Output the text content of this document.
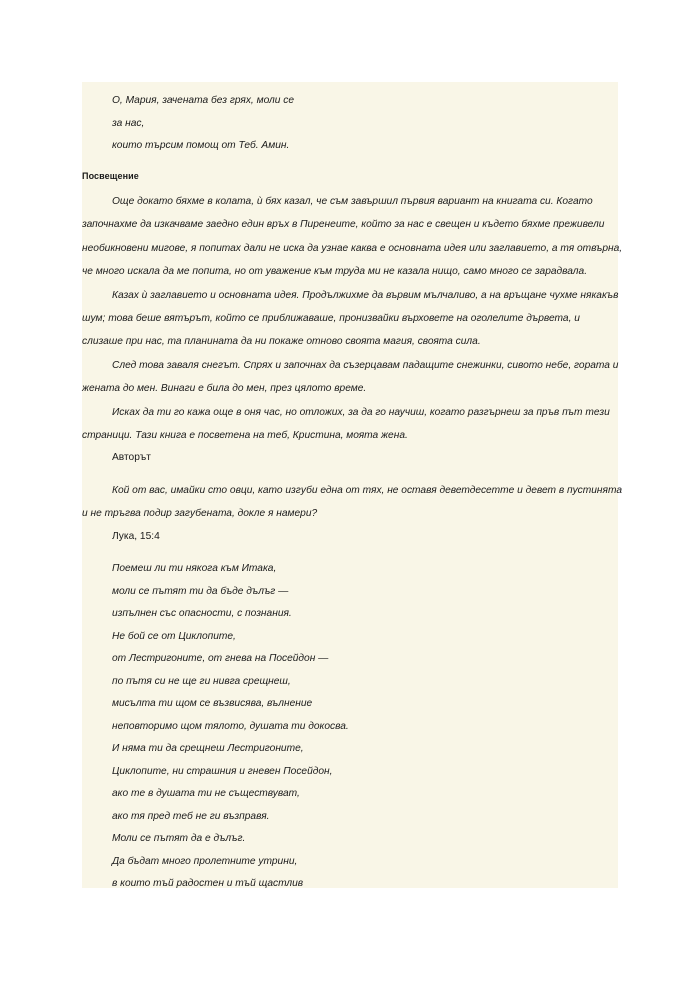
О, Мария, зачената без грях, моли се
за нас,
които търсим помощ от Теб. Амин.
Посвещение
Още докато бяхме в колата, ѝ бях казал, че съм завършил първия вариант на книгата си. Когато
започнахме да изкачваме заедно един връх в Пиренеите, който за нас е свещен и където бяхме преживели
необикновени мигове, я попитах дали не иска да узнае каква е основната идея или заглавието, а тя отвърна,
че много искала да ме попита, но от уважение към труда ми не казала нищо, само много се зарадвала.
Казах ѝ заглавието и основната идея. Продължихме да вървим мълчаливо, а на връщане чухме някакъв
шум; това беше вятърът, който се приближаваше, пронизвайки върховете на оголелите дървета, и
слизаше при нас, та планината да ни покаже отново своята магия, своята сила.
След това заваля снегът. Спрях и започнах да съзерцавам падащите снежинки, сивото небе, гората и
жената до мен. Винаги е била до мен, през цялото време.
Исках да ти го кажа още в оня час, но отложих, за да го научиш, когато разгърнеш за пръв път тези
страници. Тази книга е посветена на теб, Кристина, моята жена.
Авторът
Кой от вас, имайки сто овци, като изгуби една от тях, не оставя деветдесетте и девет в пустинята
и не тръгва подир загубената, докле я намери?
Лука, 15:4
Поемеш ли ти някога към Итака,
моли се пътят ти да бъде дълъг —
изпълнен със опасности, с познания.
Не бой се от Циклопите,
от Лестригоните, от гнева на Посейдон —
по пътя си не ще ги нивга срещнеш,
мисълта ти щом се възвисява, вълнение
неповторимо щом тялото, душата ти докосва.
И няма ти да срещнеш Лестригоните,
Циклопите, ни страшния и гневен Посейдон,
ако те в душата ти не съществуват,
ако тя пред теб не ги възправя.
Моли се пътят да е дълъг.
Да бъдат много пролетните утрини,
в които тъй радостен и тъй щастлив
